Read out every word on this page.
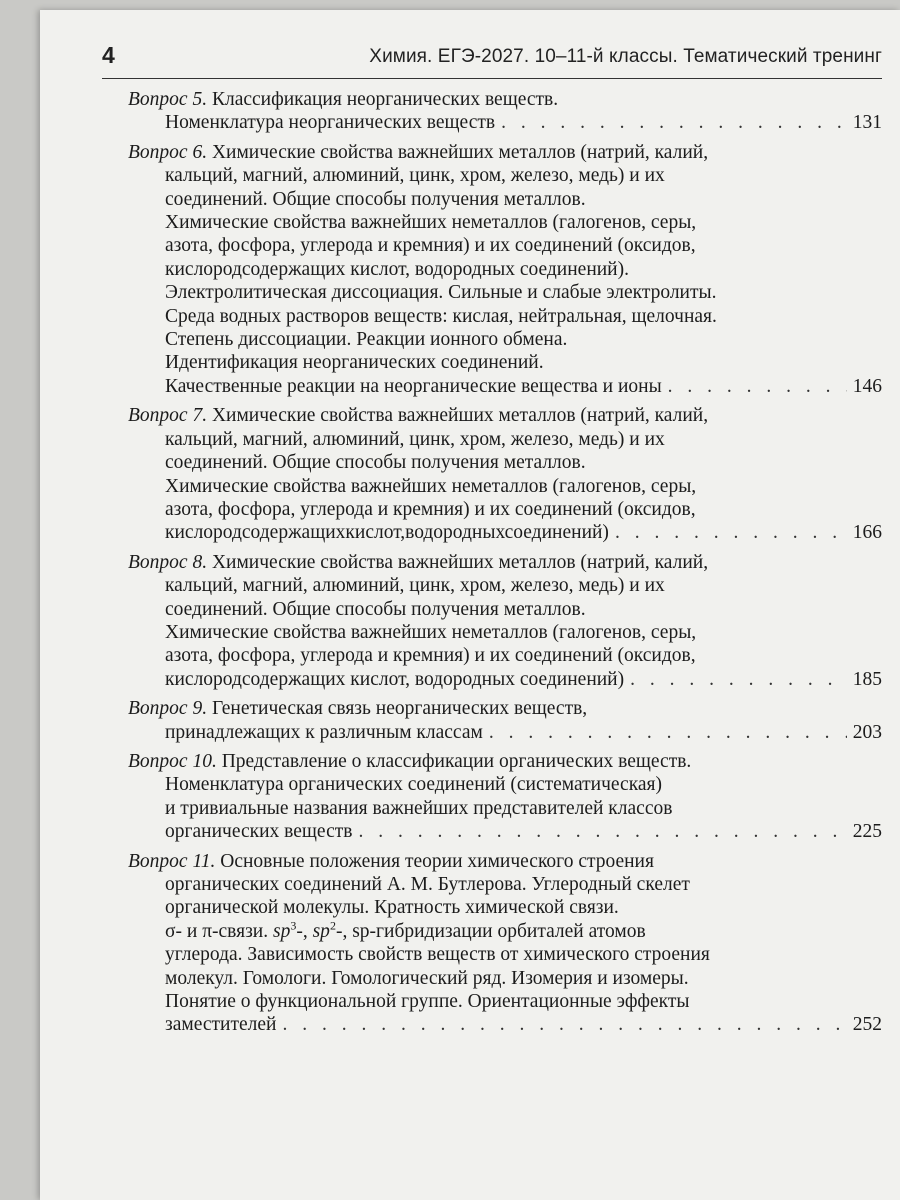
4	Химия. ЕГЭ-2027. 10–11-й классы. Тематический тренинг
Вопрос 5. Классификация неорганических веществ.
Номенклатура неорганических веществ . . .	131
Вопрос 6. Химические свойства важнейших металлов (натрий, калий,
кальций, магний, алюминий, цинк, хром, железо, медь) и их
соединений. Общие способы получения металлов.
Химические свойства важнейших неметаллов (галогенов, серы,
азота, фосфора, углерода и кремния) и их соединений (оксидов,
кислородсодержащих кислот, водородных соединений).
Электролитическая диссоциация. Сильные и слабые электролиты.
Среда водных растворов веществ: кислая, нейтральная, щелочная.
Степень диссоциации. Реакции ионного обмена.
Идентификация неорганических соединений.
Качественные реакции на неорганические вещества и ионы . . .	146
Вопрос 7. Химические свойства важнейших металлов (натрий, калий,
кальций, магний, алюминий, цинк, хром, железо, медь) и их
соединений. Общие способы получения металлов.
Химические свойства важнейших неметаллов (галогенов, серы,
азота, фосфора, углерода и кремния) и их соединений (оксидов,
кислородсодержащихкислот,водородныхсоединений) . . .	166
Вопрос 8. Химические свойства важнейших металлов (натрий, калий,
кальций, магний, алюминий, цинк, хром, железо, медь) и их
соединений. Общие способы получения металлов.
Химические свойства важнейших неметаллов (галогенов, серы,
азота, фосфора, углерода и кремния) и их соединений (оксидов,
кислородсодержащих кислот, водородных соединений) . . .	185
Вопрос 9. Генетическая связь неорганических веществ,
принадлежащих к различным классам . . .	203
Вопрос 10. Представление о классификации органических веществ.
Номенклатура органических соединений (систематическая)
и тривиальные названия важнейших представителей классов
органических веществ . . .	225
Вопрос 11. Основные положения теории химического строения
органических соединений А. М. Бутлерова. Углеродный скелет
органической молекулы. Кратность химической связи.
σ- и π-связи. $sp^3-$, $sp^2-$, sp-гибридизации орбиталей атомов
углерода. Зависимость свойств веществ от химического строения
молекул. Гомологи. Гомологический ряд. Изомерия и изомеры.
Понятие о функциональной группе. Ориентационные эффекты
заместителей . . .	252
